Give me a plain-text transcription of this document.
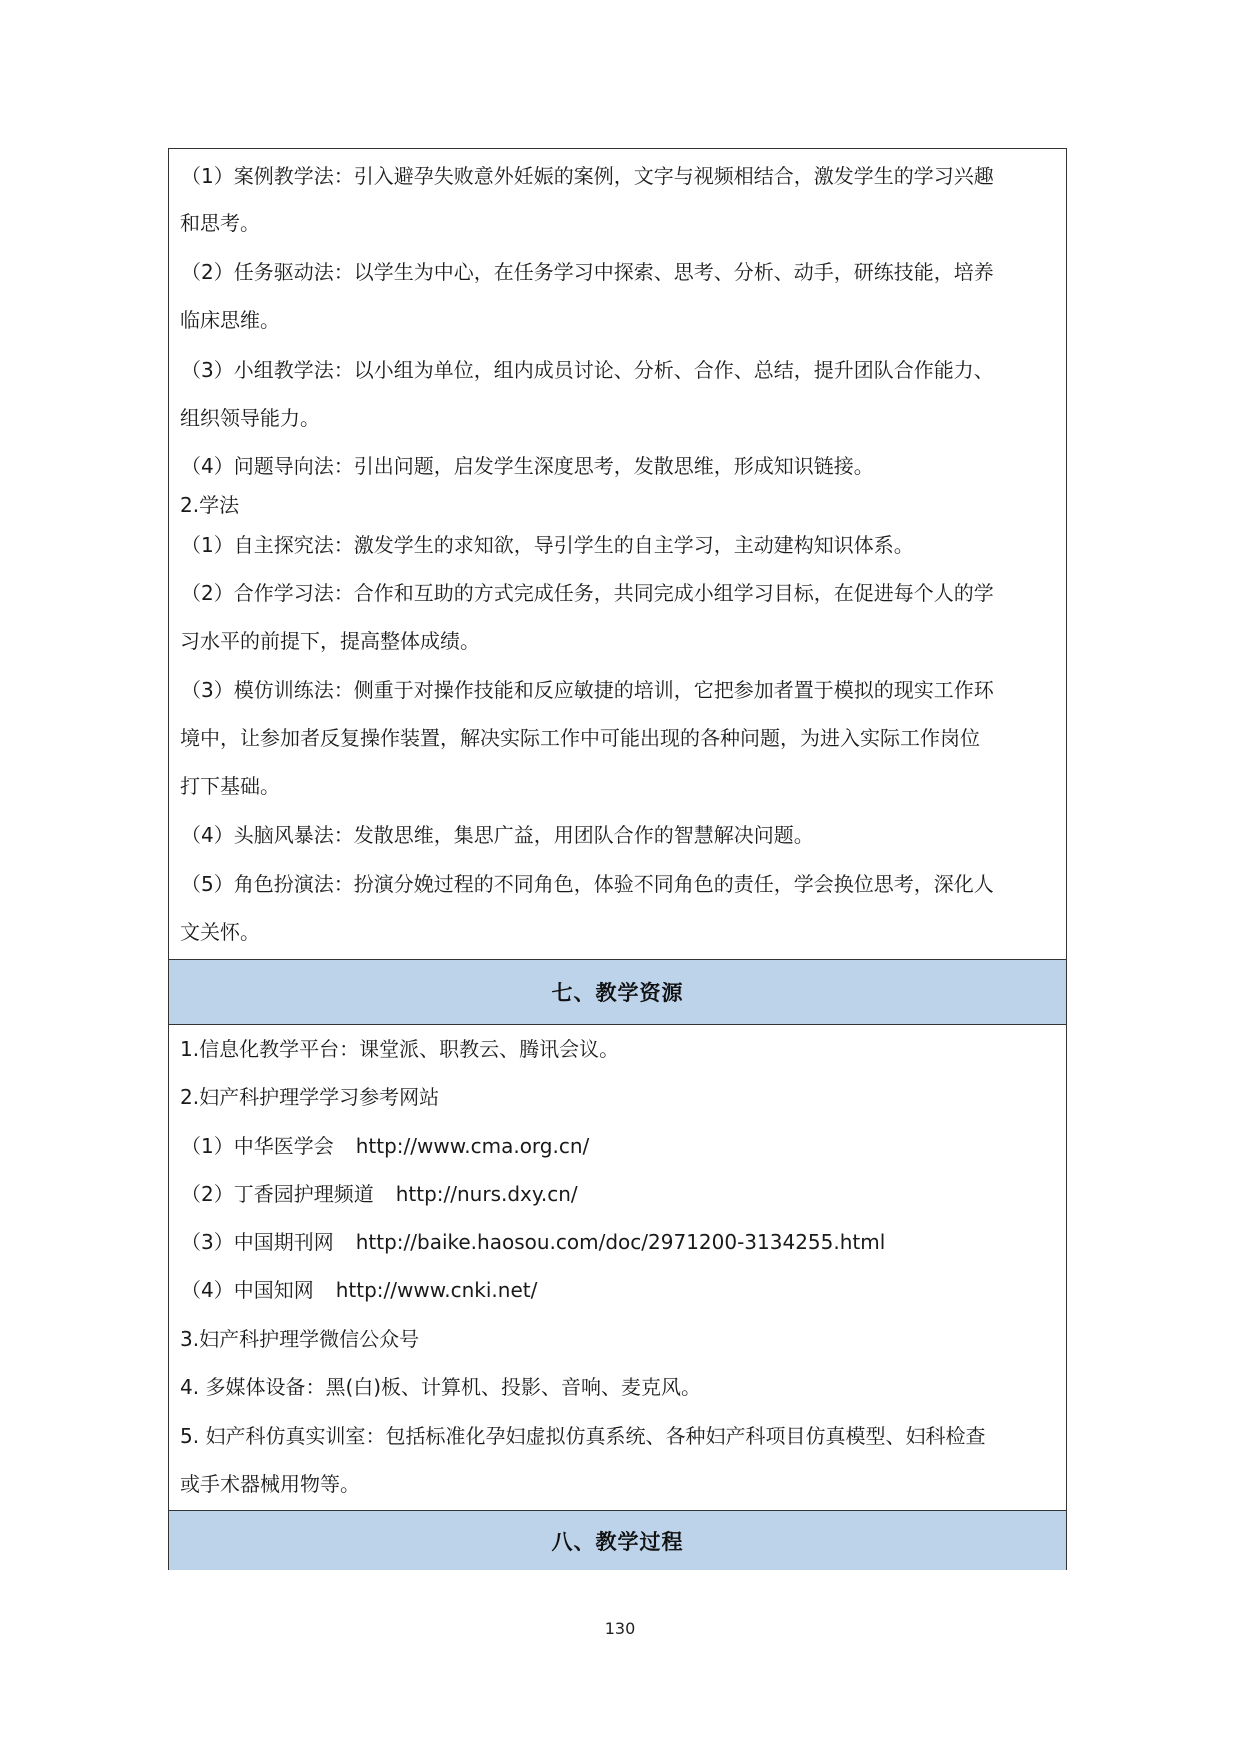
（1）案例教学法：引入避孕失败意外妊娠的案例，文字与视频相结合，激发学生的学习兴趣
和思考。
（2）任务驱动法：以学生为中心，在任务学习中探索、思考、分析、动手，研练技能，培养
临床思维。
（3）小组教学法：以小组为单位，组内成员讨论、分析、合作、总结，提升团队合作能力、
组织领导能力。
（4）问题导向法：引出问题，启发学生深度思考，发散思维，形成知识链接。
2.学法
（1）自主探究法：激发学生的求知欲，导引学生的自主学习，主动建构知识体系。
（2）合作学习法：合作和互助的方式完成任务，共同完成小组学习目标，在促进每个人的学
习水平的前提下，提高整体成绩。
（3）模仿训练法：侧重于对操作技能和反应敏捷的培训，它把参加者置于模拟的现实工作环
境中，让参加者反复操作装置，解决实际工作中可能出现的各种问题，为进入实际工作岗位
打下基础。
（4）头脑风暴法：发散思维，集思广益，用团队合作的智慧解决问题。
（5）角色扮演法：扮演分娩过程的不同角色，体验不同角色的责任，学会换位思考，深化人
文关怀。
七、教学资源
1.信息化教学平台：课堂派、职教云、腾讯会议。
2.妇产科护理学学习参考网站
（1）中华医学会 http://www.cma.org.cn/
（2）丁香园护理频道 http://nurs.dxy.cn/
（3）中国期刊网 http://baike.haosou.com/doc/2971200-3134255.html
（4）中国知网 http://www.cnki.net/
3.妇产科护理学微信公众号
4. 多媒体设备：黑(白)板、计算机、投影、音响、麦克风。
5. 妇产科仿真实训室：包括标准化孕妇虚拟仿真系统、各种妇产科项目仿真模型、妇科检查
或手术器械用物等。
八、教学过程
130
